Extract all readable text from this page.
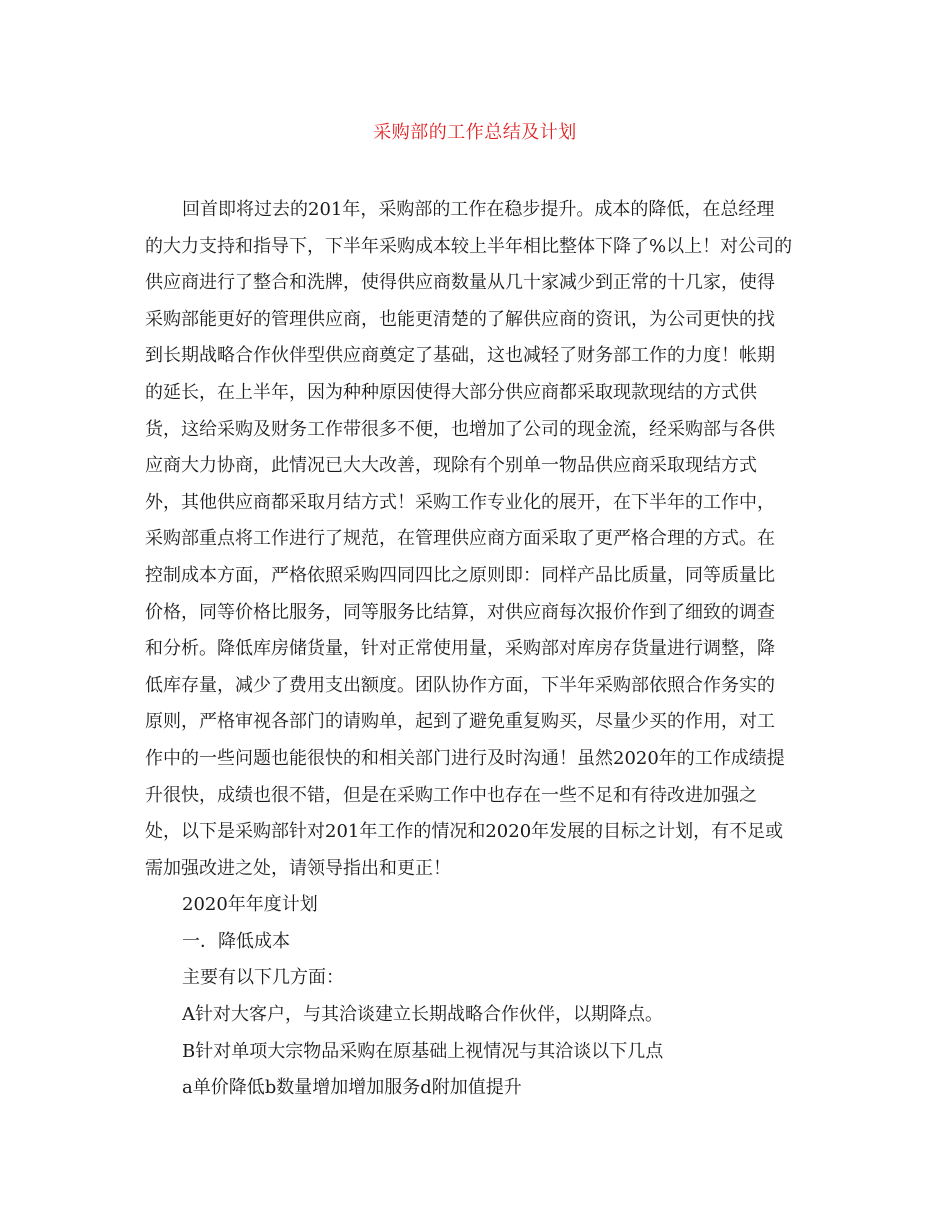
采购部的工作总结及计划
回首即将过去的201年，采购部的工作在稳步提升。成本的降低，在总经理
的大力支持和指导下，下半年采购成本较上半年相比整体下降了%以上！对公司的
供应商进行了整合和洗牌，使得供应商数量从几十家减少到正常的十几家，使得
采购部能更好的管理供应商，也能更清楚的了解供应商的资讯，为公司更快的找
到长期战略合作伙伴型供应商奠定了基础，这也减轻了财务部工作的力度！帐期
的延长，在上半年，因为种种原因使得大部分供应商都采取现款现结的方式供
货，这给采购及财务工作带很多不便，也增加了公司的现金流，经采购部与各供
应商大力协商，此情况已大大改善，现除有个别单一物品供应商采取现结方式
外，其他供应商都采取月结方式！采购工作专业化的展开，在下半年的工作中，
采购部重点将工作进行了规范，在管理供应商方面采取了更严格合理的方式。在
控制成本方面，严格依照采购四同四比之原则即：同样产品比质量，同等质量比
价格，同等价格比服务，同等服务比结算，对供应商每次报价作到了细致的调查
和分析。降低库房储货量，针对正常使用量，采购部对库房存货量进行调整，降
低库存量，减少了费用支出额度。团队协作方面，下半年采购部依照合作务实的
原则，严格审视各部门的请购单，起到了避免重复购买，尽量少买的作用，对工
作中的一些问题也能很快的和相关部门进行及时沟通！虽然2020年的工作成绩提
升很快，成绩也很不错，但是在采购工作中也存在一些不足和有待改进加强之
处，以下是采购部针对201年工作的情况和2020年发展的目标之计划，有不足或
需加强改进之处，请领导指出和更正！
2020年年度计划
一．降低成本
主要有以下几方面：
A针对大客户，与其洽谈建立长期战略合作伙伴，以期降点。
B针对单项大宗物品采购在原基础上视情况与其洽谈以下几点
a单价降低b数量增加增加服务d附加值提升
